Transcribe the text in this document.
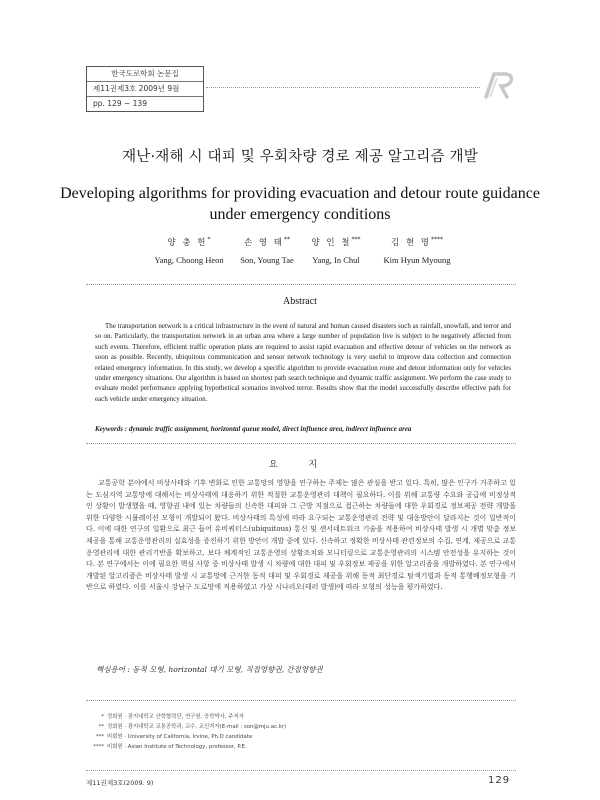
한국도로학회 논문집
제11권제3호 2009년 9월
pp. 129 ~ 139
재난·재해 시 대피 및 우회차량 경로 제공 알고리즘 개발
Developing algorithms for providing evacuation and detour route guidance under emergency conditions
양 충 헌*
Yang, Choong Heon
손 영 태**
Son, Young Tae
양 인 철***
Yang, In Chul
김 현 명****
Kim Hyun Myoung
Abstract

The transportation network is a critical infrastructure in the event of natural and human caused disasters such as rainfall, snowfall, and terror and so on. Particularly, the transportation network in an urban area where a large number of population live is subject to be negatively affected from such events. Therefore, efficient traffic operation plans are required to assist rapid evacuation and effective detour of vehicles on the network as soon as possible. Recently, ubiquitous communication and sensor network technology is very useful to improve data collection and connection related emergency information. In this study, we develop a specific algorithm to provide evacuation route and detour information only for vehicles under emergency situations. Our algorithm is based on shortest path search technique and dynamic traffic assignment. We perform the case study to evaluate model performance applying hypothetical scenarios involved terror. Results show that the model successfully describe effective path for each vehicle under emergency situation.

Keywords : dynamic traffic assignment, horizontal queue model, direct influence area, indirect influence area
요 지

교통공학 분야에서 비상사태와 기후 변화로 인한 교통망의 영향을 연구하는 주제는 많은 관심을 받고 있다. 특히, 많은 인구가 거주하고 있는 도심지역 교통망에 대해서는 비상사태에 대응하기 위한 적절한 교통운영관리 대책이 필요하다. 이를 위해 교통량 수요와 공급에 비정상적인 상황이 발생했을 때, 영향권 내에 있는 차량들의 신속한 대피와 그 근방 지점으로 접근하는 차량들에 대한 우회경로 정보제공 전략 개발을 위한 다양한 시뮬레이션 모형이 개발되어 왔다. 비상사태의 특성에 따라 요구되는 교통운영관리 전략 및 대응방안이 달라지는 것이 일반적이다. 이에 대한 연구의 일환으로 최근 들어 유비쿼터스(ubiquitous) 통신 및 센서네트워크 기술을 적용하여 비상사태 발생 시 개별 맞춤 정보제공을 통해 교통운영관리의 실효성을 증진하기 위한 방안이 개발 중에 있다. 신속하고 정확한 비상사태 관련정보의 수집, 연계, 제공으로 교통운영관리에 대한 관리기반을 확보하고, 보다 체계적인 교통운영의 상황조치와 모니터링으로 교통운영관리의 시스템 안전성을 유지하는 것이다. 본 연구에서는 이에 필요한 핵심 사항 중 비상사태 발생 시 차량에 대한 대피 및 우회정보 제공을 위한 알고리즘을 개발하였다. 본 연구에서 개발된 알고리즘은 비상사태 발생 시 교통망에 근거한 동적 대피 및 우회경로 제공을 위해 동적 최단경로 탐색기법과 동적 통행배정모형을 기반으로 하였다. 이를 서울시 강남구 도로망에 적용하였고 가상 시나리오(테러 발생)에 따라 모형의 성능을 평가하였다.

핵심용어 : 동적 모형, horizontal 대기 모형, 직접영향권, 간접영향권
* 정회원 · 광지대학교 산학협력단, 연구원, 공학박사, 주저자
** 정회원 · 광지대학교 교통공학과, 교수, 교신저자(E-mail : son@mju.ac.kr)
*** 비회원 · University of California, Irvine, Ph.D candidate
**** 비회원 · Asian Institute of Technology, professor, P.E.
제11권제3호(2009. 9)	129
